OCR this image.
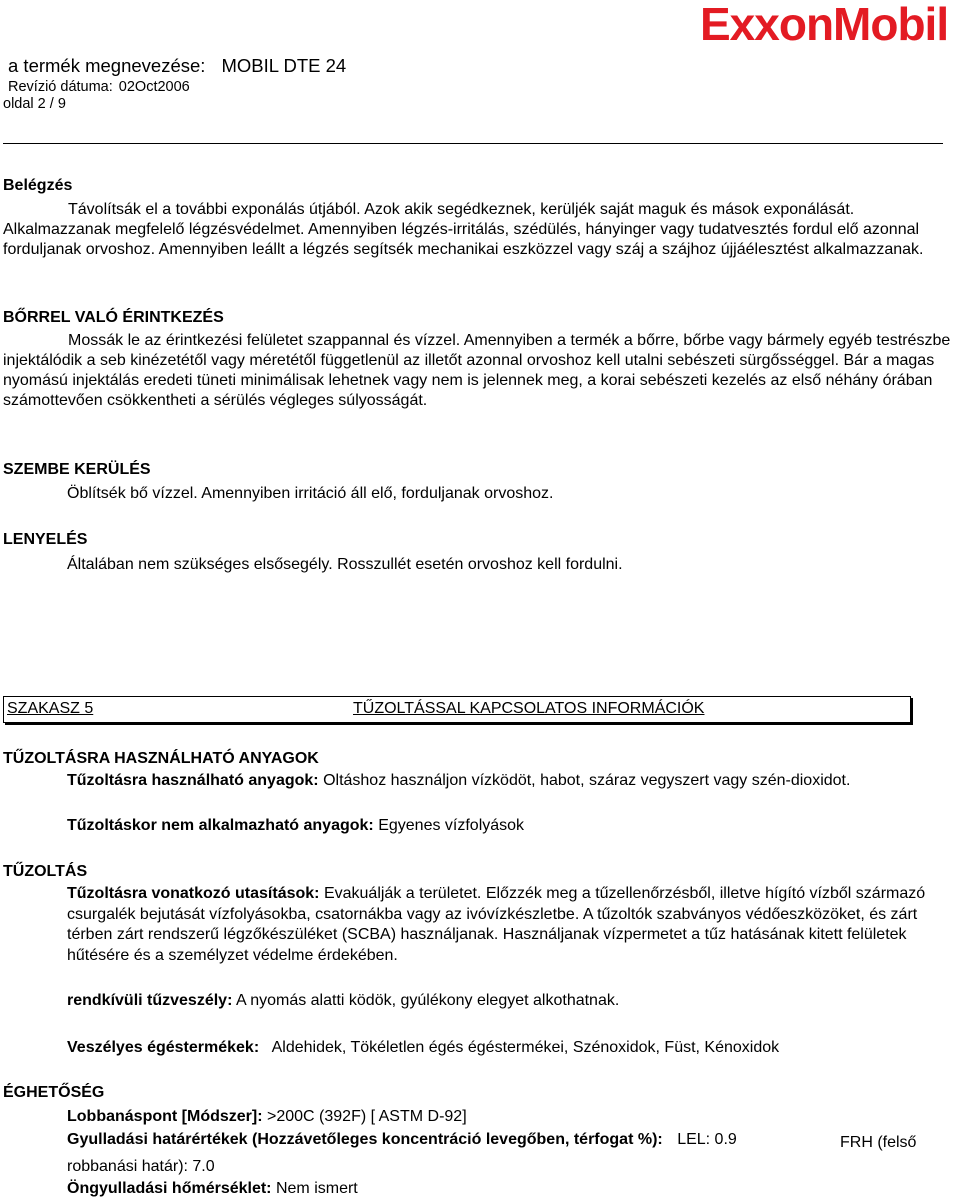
ExxonMobil
a termék megnevezése: MOBIL DTE 24
Revízió dátuma: 02Oct2006
oldal 2 / 9
Belégzés
Távolítsák el a további exponálás útjából. Azok akik segédkeznek, kerüljék saját maguk és mások exponálását. Alkalmazzanak megfelelő légzésvédelmet. Amennyiben légzés-irritálás, szédülés, hányinger vagy tudatvesztés fordul elő azonnal forduljanak orvoshoz. Amennyiben leállt a légzés segítsék mechanikai eszközzel vagy száj a szájhoz újjáélesztést alkalmazzanak.
BŐRREL VALÓ ÉRINTKEZÉS
Mossák le az érintkezési felületet szappannal és vízzel. Amennyiben a termék a bőrre, bőrbe vagy bármely egyéb testrészbe injektálódik a seb kinézetétől vagy méretétől függetlenül az illetőt azonnal orvoshoz kell utalni sebészeti sürgősséggel. Bár a magas nyomású injektálás eredeti tüneti minimálisak lehetnek vagy nem is jelennek meg, a korai sebészeti kezelés az első néhány órában számottevően csökkentheti a sérülés végleges súlyosságát.
SZEMBE KERÜLÉS
Öblítsék bő vízzel. Amennyiben irritáció áll elő, forduljanak orvoshoz.
LENYELÉS
Általában nem szükséges elsősegély. Rosszullét esetén orvoshoz kell fordulni.
SZAKASZ 5	TŰZOLTÁSSAL KAPCSOLATOS INFORMÁCIÓK
TŰZOLTÁSRA HASZNÁLHATÓ ANYAGOK
Tűzoltásra használható anyagok: Oltáshoz használjon vízködöt, habot, száraz vegyszert vagy szén-dioxidot.
Tűzoltáskor nem alkalmazható anyagok: Egyenes vízfolyások
TŰZOLTÁS
Tűzoltásra vonatkozó utasítások: Evakuálják a területet. Előzzék meg a tűzellenőrzésből, illetve hígító vízből származó csurgalék bejutását vízfolyásokba, csatornákba vagy az ivóvízkészletbe. A tűzoltók szabványos védőeszközöket, és zárt térben zárt rendszerű légzőkészüléket (SCBA) használjanak. Használjanak vízpermetet a tűz hatásának kitett felületek hűtésére és a személyzet védelme érdekében.
rendkívüli tűzveszély: A nyomás alatti ködök, gyúlékony elegyet alkothatnak.
Veszélyes égéstermékek: Aldehidek, Tökéletlen égés égéstermékei, Szénoxidok, Füst, Kénoxidok
ÉGHETŐSÉG
Lobbanáspont [Módszer]: >200C (392F) [ ASTM D-92]
Gyulladási határértékek (Hozzávetőleges koncentráció levegőben, térfogat %): LEL: 0.9	FRH (felső robbanási határ): 7.0
Öngyulladási hőmérséklet: Nem ismert
